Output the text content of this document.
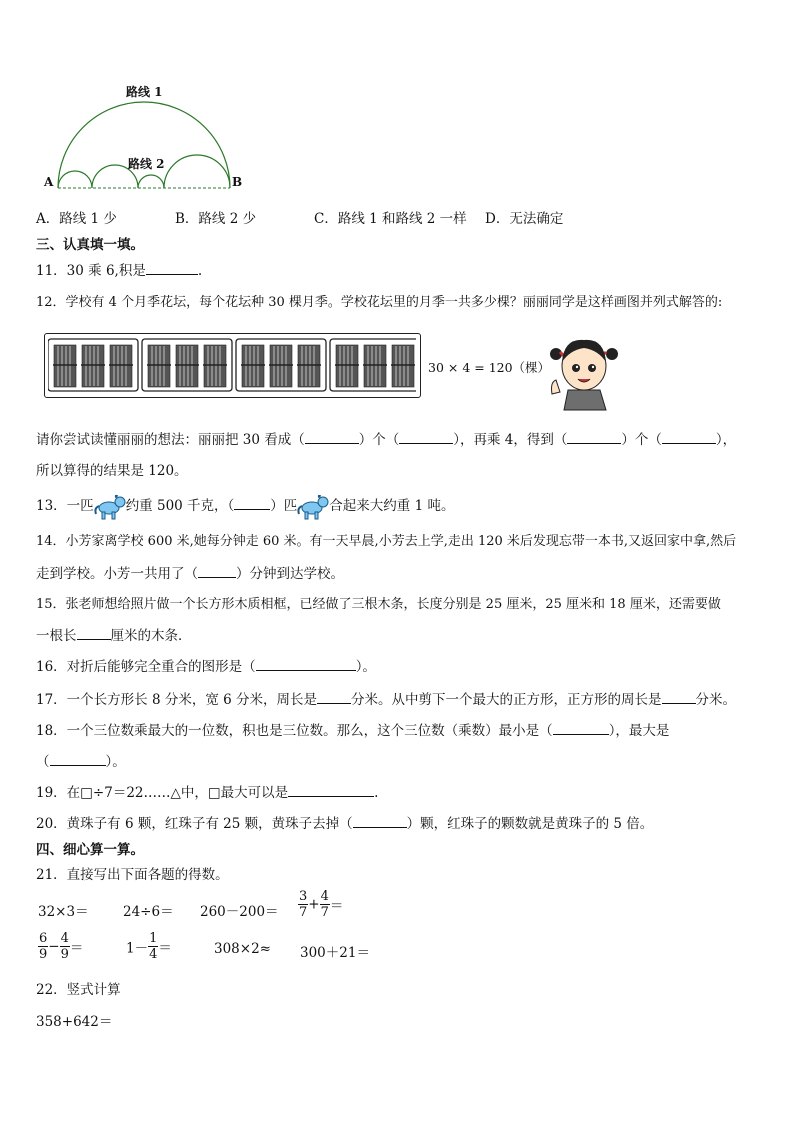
路线 1
路线 2
A	B
A．路线 1 少	B．路线 2 少	C．路线 1 和路线 2 一样 D．无法确定
三、认真填一填。
11．30 乘 6,积是	.
12．学校有 4 个月季花坛，每个花坛种 30 棵月季。学校花坛里的月季一共多少棵？丽丽同学是这样画图并列式解答的:
30 × 4 = 120（棵）
请你尝试读懂丽丽的想法：丽丽把 30 看成（	）个（	），再乘 4，得到（	）个（	），
所以算得的结果是 120。
13．一匹 约重 500 千克，（	）匹 合起来大约重 1 吨。
14．小芳家离学校 600 米,她每分钟走 60 米。有一天早晨,小芳去上学,走出 120 米后发现忘带一本书,又返回家中拿,然后
走到学校。小芳一共用了（	）分钟到达学校。
15．张老师想给照片做一个长方形木质相框，已经做了三根木条，长度分别是 25 厘米，25 厘米和 18 厘米，还需要做
一根长	厘米的木条．
16．对折后能够完全重合的图形是（	）。
17．一个长方形长 8 分米，宽 6 分米，周长是	分米。从中剪下一个最大的正方形，正方形的周长是	分米。
18．一个三位数乘最大的一位数，积也是三位数。那么，这个三位数（乘数）最小是（	），最大是
（	）。
19．在□÷7＝22……△中，□最大可以是	.
20．黄珠子有 6 颗，红珠子有 25 颗，黄珠子去掉（	）颗，红珠子的颗数就是黄珠子的 5 倍。
四、细心算一算。
21．直接写出下面各题的得数。
32×3＝	$24\div 6= 260-200= \frac{3}{7} + \frac{4}{7}$ ＝
$\frac{6}{9} - \frac{4}{9}$ ＝	$1- \frac{1}{4}$ ＝	308×2≈ 300＋21＝
22．竖式计算
358+642＝
